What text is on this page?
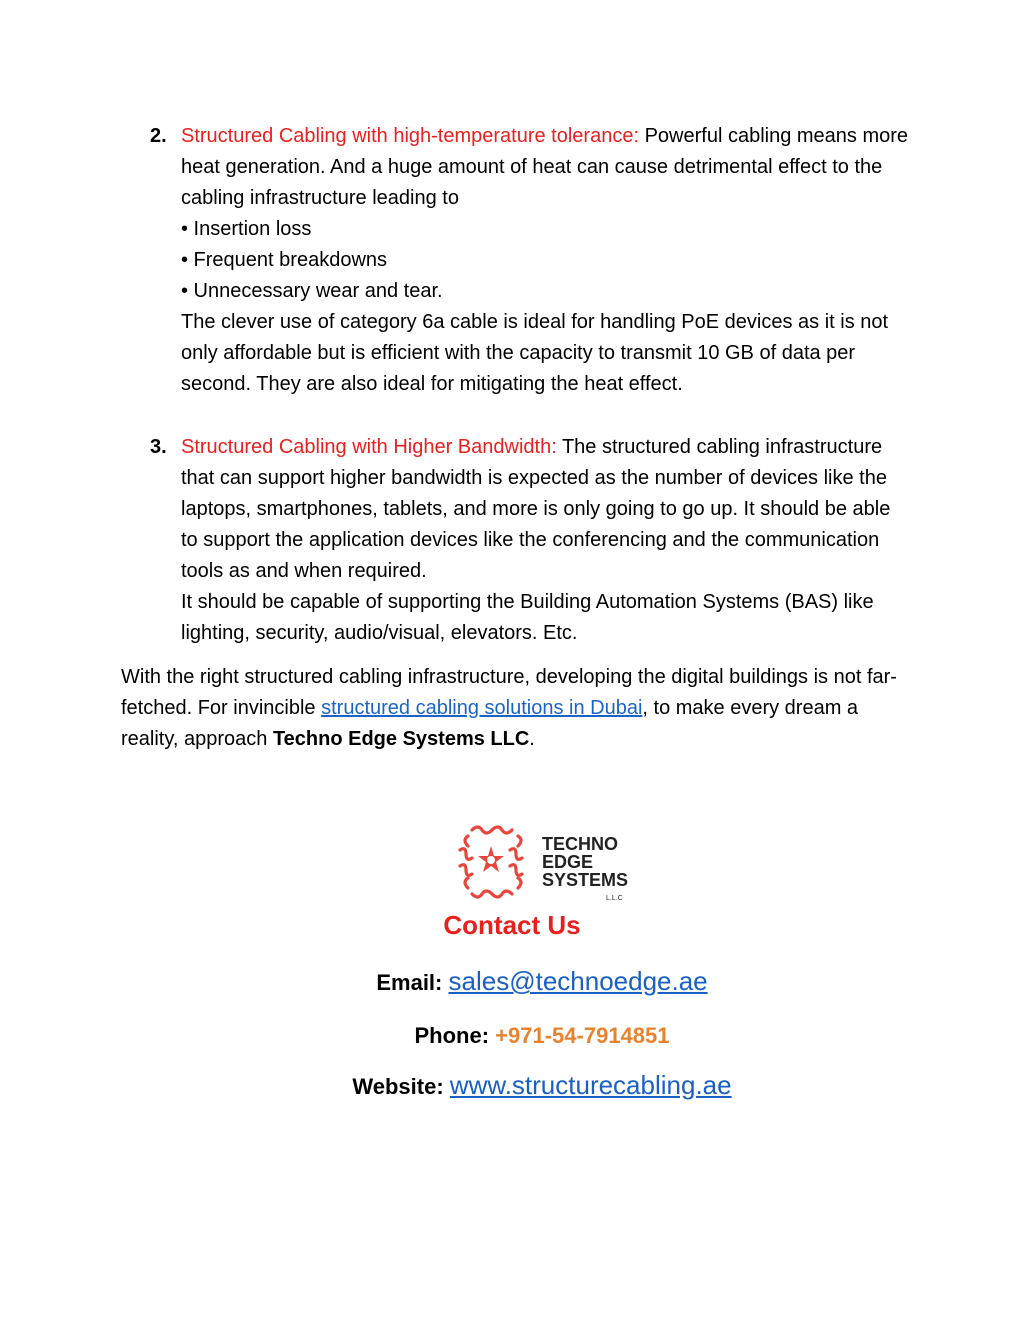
2. Structured Cabling with high-temperature tolerance: Powerful cabling means more heat generation. And a huge amount of heat can cause detrimental effect to the cabling infrastructure leading to

• Insertion loss

• Frequent breakdowns

• Unnecessary wear and tear.

The clever use of category 6a cable is ideal for handling PoE devices as it is not only affordable but is efficient with the capacity to transmit 10 GB of data per second. They are also ideal for mitigating the heat effect.

3. Structured Cabling with Higher Bandwidth: The structured cabling infrastructure that can support higher bandwidth is expected as the number of devices like the laptops, smartphones, tablets, and more is only going to go up. It should be able to support the application devices like the conferencing and the communication tools as and when required.

It should be capable of supporting the Building Automation Systems (BAS) like lighting, security, audio/visual, elevators. Etc.

With the right structured cabling infrastructure, developing the digital buildings is not far-fetched. For invincible structured cabling solutions in Dubai, to make every dream a reality, approach Techno Edge Systems LLC.

TECHNO
EDGE
SYSTEMS
L.L.C
Contact Us
Email: sales@technoedge.ae
Phone: +971-54-7914851
Website: www.structurecabling.ae
